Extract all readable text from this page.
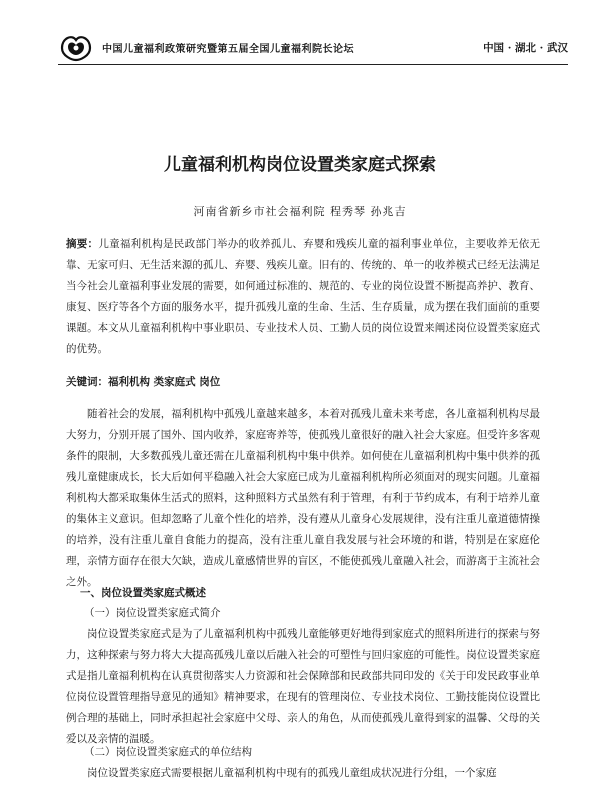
中国儿童福利政策研究暨第五届全国儿童福利院长论坛	中国 · 湖北 · 武汉
儿童福利机构岗位设置类家庭式探索
河南省新乡市社会福利院 程秀琴 孙兆吉
摘要：儿童福利机构是民政部门举办的收养孤儿、弃婴和残疾儿童的福利事业单位，主要收养无依无靠、无家可归、无生活来源的孤儿、弃婴、残疾儿童。旧有的、传统的、单一的收养模式已经无法满足当今社会儿童福利事业发展的需要，如何通过标准的、规范的、专业的岗位设置不断提高养护、教育、康复、医疗等各个方面的服务水平，提升孤残儿童的生命、生活、生存质量，成为摆在我们面前的重要课题。本文从儿童福利机构中事业职员、专业技术人员、工勤人员的岗位设置来阐述岗位设置类家庭式的优势。
关键词：福利机构 类家庭式 岗位
随着社会的发展，福利机构中孤残儿童越来越多，本着对孤残儿童未来考虑，各儿童福利机构尽最大努力，分别开展了国外、国内收养，家庭寄养等，使孤残儿童很好的融入社会大家庭。但受许多客观条件的限制，大多数孤残儿童还需在儿童福利机构中集中供养。如何使在儿童福利机构中集中供养的孤残儿童健康成长，长大后如何平稳融入社会大家庭已成为儿童福利机构所必须面对的现实问题。儿童福利机构大都采取集体生活式的照料，这种照料方式虽然有利于管理，有利于节约成本，有利于培养儿童的集体主义意识。但却忽略了儿童个性化的培养，没有遵从儿童身心发展规律，没有注重儿童道德情操的培养，没有注重儿童自食能力的提高，没有注重儿童自我发展与社会环境的和谐，特别是在家庭伦理，亲情方面存在很大欠缺，造成儿童感情世界的盲区，不能使孤残儿童融入社会，而游离于主流社会之外。
一、岗位设置类家庭式概述
（一）岗位设置类家庭式简介
岗位设置类家庭式是为了儿童福利机构中孤残儿童能够更好地得到家庭式的照料所进行的探索与努力，这种探索与努力将大大提高孤残儿童以后融入社会的可塑性与回归家庭的可能性。岗位设置类家庭式是指儿童福利机构在认真贯彻落实人力资源和社会保障部和民政部共同印发的《关于印发民政事业单位岗位设置管理指导意见的通知》精神要求，在现有的管理岗位、专业技术岗位、工勤技能岗位设置比例合理的基础上，同时承担起社会家庭中父母、亲人的角色，从而使孤残儿童得到家的温馨、父母的关爱以及亲情的温暖。
（二）岗位设置类家庭式的单位结构
岗位设置类家庭式需要根据儿童福利机构中现有的孤残儿童组成状况进行分组，一个家庭
